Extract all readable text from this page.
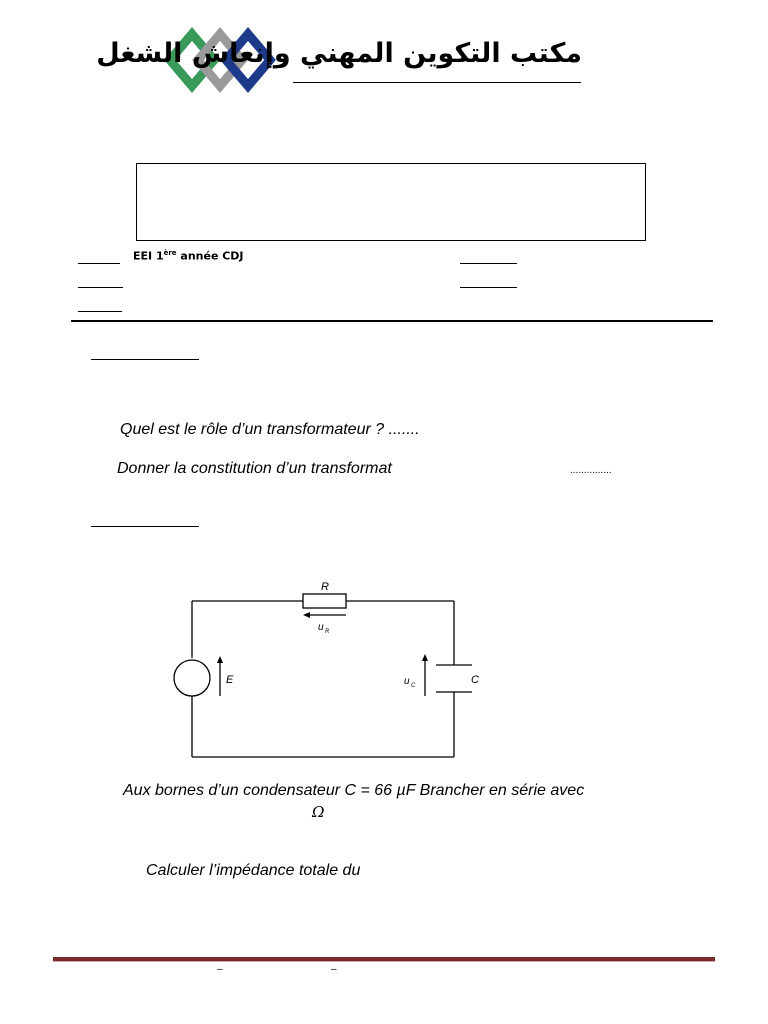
مكتب التكوين المهني وإنعاش الشغل
EEI 1ère année CDJ
Quel est le rôle d’un transformateur ? .......
Donner la constitution d’un transformat	...............
R
u R
E	u C	C
Aux bornes d’un condensateur C = 66 µF Brancher en série avec
Ω
Calculer l’impédance totale du
–	–
